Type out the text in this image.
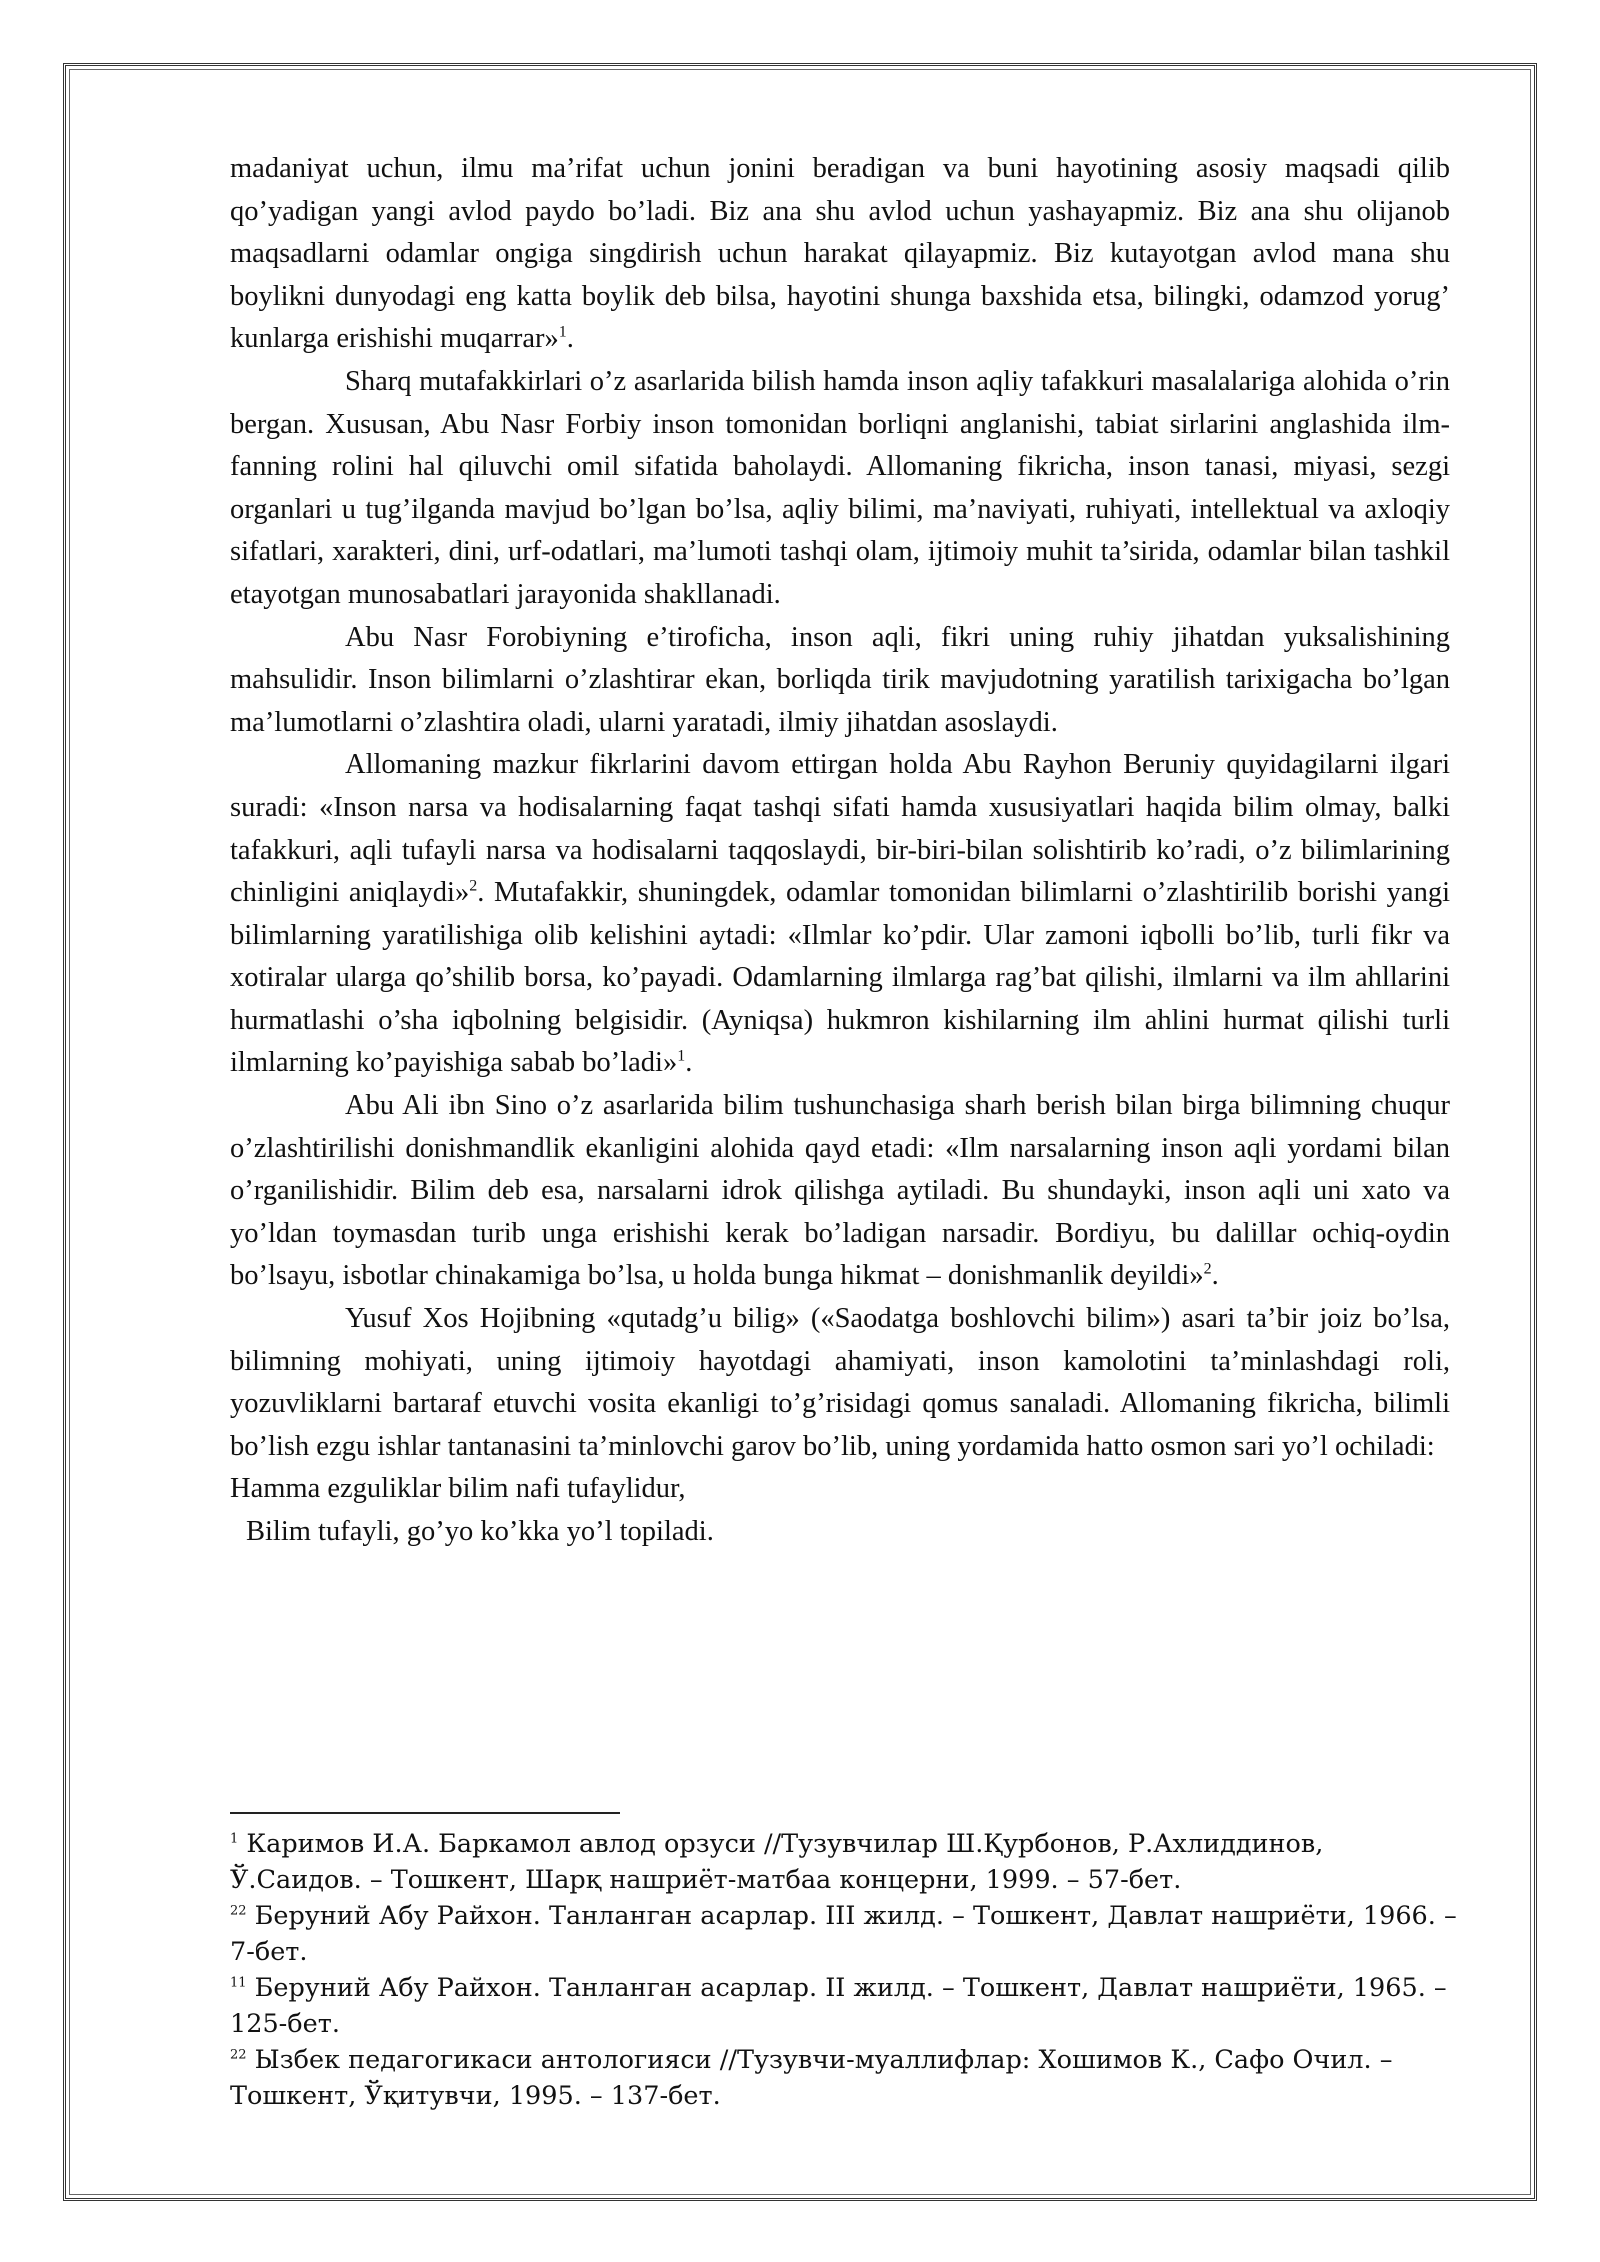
madaniyat uchun, ilmu ma’rifat uchun jonini beradigan va buni hayotining asosiy maqsadi qilib qo’yadigan yangi avlod paydo bo’ladi. Biz ana shu avlod uchun yashayapmiz. Biz ana shu olijanob maqsadlarni odamlar ongiga singdirish uchun harakat qilayapmiz. Biz kutayotgan avlod mana shu boylikni dunyodagi eng katta boylik deb bilsa, hayotini shunga baxshida etsa, bilingki, odamzod yorug’ kunlarga erishishi muqarrar»$^1$.

Sharq mutafakkirlari o’z asarlarida bilish hamda inson aqliy tafakkuri masalalariga alohida o’rin bergan. Xususan, Abu Nasr Forbiy inson tomonidan borliqni anglanishi, tabiat sirlarini anglashida ilm-fanning rolini hal qiluvchi omil sifatida baholaydi. Allomaning fikricha, inson tanasi, miyasi, sezgi organlari u tug’ilganda mavjud bo’lgan bo’lsa, aqliy bilimi, ma’naviyati, ruhiyati, intellektual va axloqiy sifatlari, xarakteri, dini, urf-odatlari, ma’lumoti tashqi olam, ijtimoiy muhit ta’sirida, odamlar bilan tashkil etayotgan munosabatlari jarayonida shakllanadi.

Abu Nasr Forobiyning e’tiroficha, inson aqli, fikri uning ruhiy jihatdan yuksalishining mahsulidir. Inson bilimlarni o’zlashtirar ekan, borliqda tirik mavjudotning yaratilish tarixigacha bo’lgan ma’lumotlarni o’zlashtira oladi, ularni yaratadi, ilmiy jihatdan asoslaydi.

Allomaning mazkur fikrlarini davom ettirgan holda Abu Rayhon Beruniy quyidagilarni ilgari suradi: «Inson narsa va hodisalarning faqat tashqi sifati hamda xususiyatlari haqida bilim olmay, balki tafakkuri, aqli tufayli narsa va hodisalarni taqqoslaydi, bir-biri-bilan solishtirib ko’radi, o’z bilimlarining chinligini aniqlaydi»$^2$. Mutafakkir, shuningdek, odamlar tomonidan bilimlarni o’zlashtirilib borishi yangi bilimlarning yaratilishiga olib kelishini aytadi: «Ilmlar ko’pdir. Ular zamoni iqbolli bo’lib, turli fikr va xotiralar ularga qo’shilib borsa, ko’payadi. Odamlarning ilmlarga rag’bat qilishi, ilmlarni va ilm ahllarini hurmatlashi o’sha iqbolning belgisidir. (Ayniqsa) hukmron kishilarning ilm ahlini hurmat qilishi turli ilmlarning ko’payishiga sabab bo’ladi»$^1$.

Abu Ali ibn Sino o’z asarlarida bilim tushunchasiga sharh berish bilan birga bilimning chuqur o’zlashtirilishi donishmandlik ekanligini alohida qayd etadi: «Ilm narsalarning inson aqli yordami bilan o’rganilishidir. Bilim deb esa, narsalarni idrok qilishga aytiladi. Bu shundayki, inson aqli uni xato va yo’ldan toymasdan turib unga erishishi kerak bo’ladigan narsadir. Bordiyu, bu dalillar ochiq-oydin bo’lsayu, isbotlar chinakamiga bo’lsa, u holda bunga hikmat – donishmanlik deyildi»$^2$.

Yusuf Xos Hojibning «qutadg’u bilig» («Saodatga boshlovchi bilim») asari ta’bir joiz bo’lsa, bilimning mohiyati, uning ijtimoiy hayotdagi ahamiyati, inson kamolotini ta’minlashdagi roli, yozuvliklarni bartaraf etuvchi vosita ekanligi to’g’risidagi qomus sanaladi. Allomaning fikricha, bilimli bo’lish ezgu ishlar tantanasini ta’minlovchi garov bo’lib, uning yordamida hatto osmon sari yo’l ochiladi:

Hamma ezguliklar bilim nafi tufaylidur,

Bilim tufayli, go’yo ko’kka yo’l topiladi.

$^1$ Каримов И.А. Баркамол авлод орзуси //Тузувчилар Ш.Қурбонов, Р.Ахлиддинов, Ў.Саидов. – Тошкент, Шарқ нашриёт-матбаа концерни, 1999. – 57-бет.

$^{22}$ Беруний Абу Райхон. Танланган асарлар. III жилд. – Тошкент, Давлат нашриёти, 1966. – 7-бет.

$^{11}$ Беруний Абу Райхон. Танланган асарлар. II жилд. – Тошкент, Давлат нашриёти, 1965. – 125-бет.

$^{22}$ Ызбек педагогикаси антологияси //Тузувчи-муаллифлар: Хошимов К., Сафо Очил. – Тошкент, Ўқитувчи, 1995. – 137-бет.
